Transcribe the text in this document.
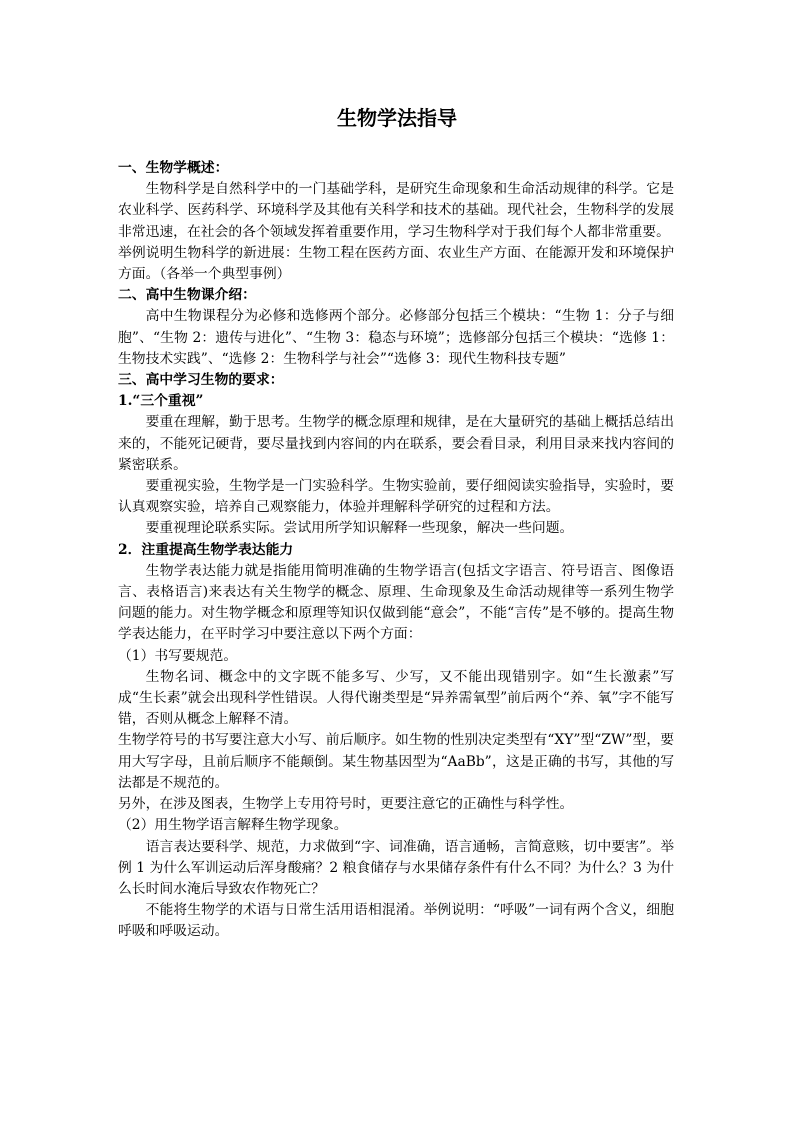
生物学法指导

一、生物学概述：

生物科学是自然科学中的一门基础学科，是研究生命现象和生命活动规律的科学。它是农业科学、医药科学、环境科学及其他有关科学和技术的基础。现代社会，生物科学的发展非常迅速，在社会的各个领域发挥着重要作用，学习生物科学对于我们每个人都非常重要。

举例说明生物科学的新进展：生物工程在医药方面、农业生产方面、在能源开发和环境保护方面。（各举一个典型事例）

二、高中生物课介绍：

高中生物课程分为必修和选修两个部分。必修部分包括三个模块：“生物 1：分子与细胞”、“生物 2：遗传与进化”、“生物 3：稳态与环境”；选修部分包括三个模块：“选修 1：生物技术实践”、“选修 2：生物科学与社会”“选修 3：现代生物科技专题”

三、高中学习生物的要求：

1.“三个重视”

要重在理解，勤于思考。生物学的概念原理和规律，是在大量研究的基础上概括总结出来的，不能死记硬背，要尽量找到内容间的内在联系，要会看目录，利用目录来找内容间的紧密联系。

要重视实验，生物学是一门实验科学。生物实验前，要仔细阅读实验指导，实验时，要认真观察实验，培养自己观察能力，体验并理解科学研究的过程和方法。

要重视理论联系实际。尝试用所学知识解释一些现象，解决一些问题。

2．注重提高生物学表达能力

生物学表达能力就是指能用简明准确的生物学语言(包括文字语言、符号语言、图像语言、表格语言)来表达有关生物学的概念、原理、生命现象及生命活动规律等一系列生物学问题的能力。对生物学概念和原理等知识仅做到能“意会”，不能“言传”是不够的。提高生物学表达能力，在平时学习中要注意以下两个方面：

（1）书写要规范。

生物名词、概念中的文字既不能多写、少写，又不能出现错别字。如“生长激素”写成“生长素”就会出现科学性错误。人得代谢类型是“异养需氧型”前后两个“养、氧”字不能写错，否则从概念上解释不清。

生物学符号的书写要注意大小写、前后顺序。如生物的性别决定类型有“XY”型“ZW”型，要用大写字母，且前后顺序不能颠倒。某生物基因型为“AaBb”，这是正确的书写，其他的写法都是不规范的。

另外，在涉及图表，生物学上专用符号时，更要注意它的正确性与科学性。

（2）用生物学语言解释生物学现象。

语言表达要科学、规范，力求做到“字、词准确，语言通畅，言简意赅，切中要害”。举例 1 为什么军训运动后浑身酸痛？2 粮食储存与水果储存条件有什么不同？为什么？3 为什么长时间水淹后导致农作物死亡？

不能将生物学的术语与日常生活用语相混淆。举例说明：“呼吸”一词有两个含义，细胞呼吸和呼吸运动。
